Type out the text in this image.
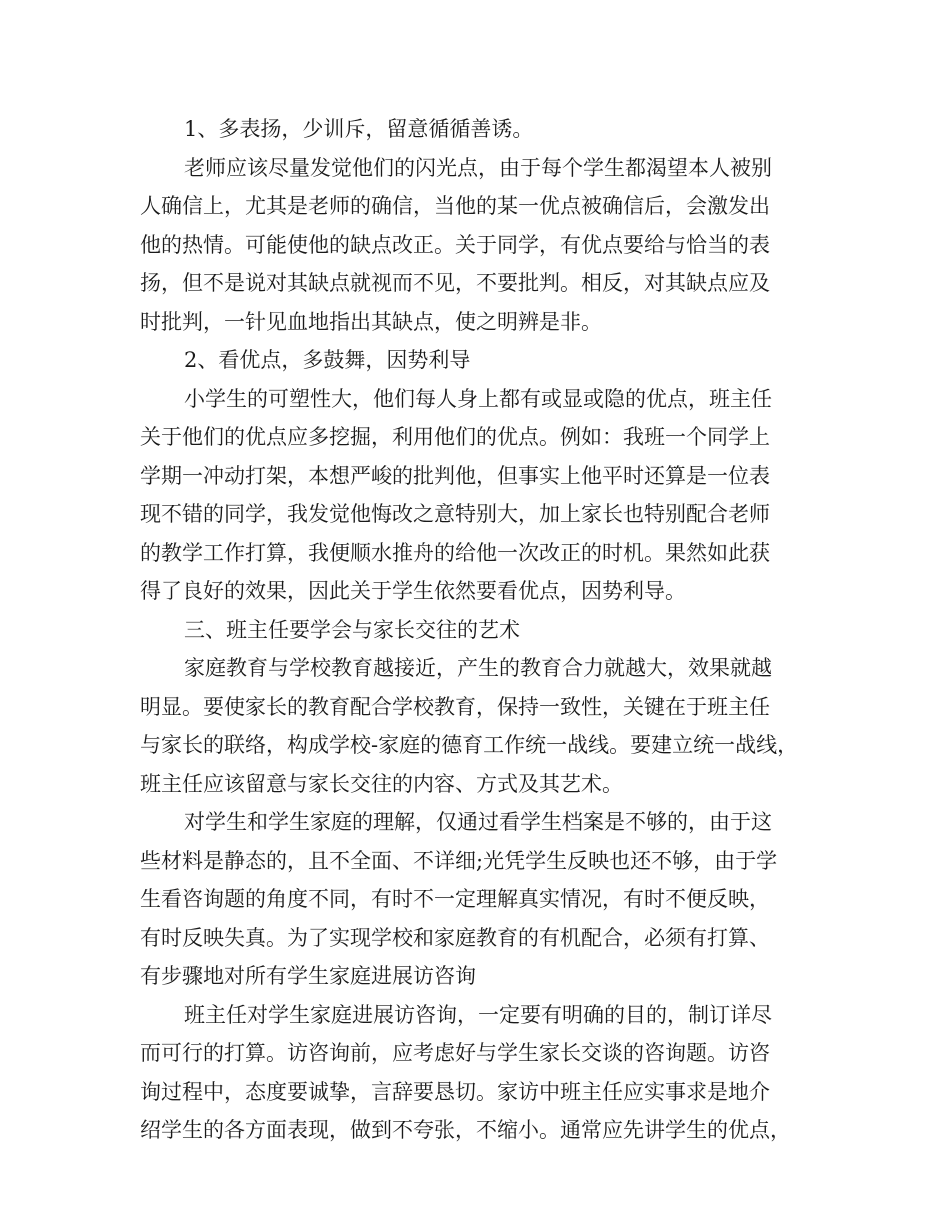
1、多表扬，少训斥，留意循循善诱。
老师应该尽量发觉他们的闪光点，由于每个学生都渴望本人被别
人确信上，尤其是老师的确信，当他的某一优点被确信后，会激发出
他的热情。可能使他的缺点改正。关于同学，有优点要给与恰当的表
扬，但不是说对其缺点就视而不见，不要批判。相反，对其缺点应及
时批判，一针见血地指出其缺点，使之明辨是非。
2、看优点，多鼓舞，因势利导
小学生的可塑性大，他们每人身上都有或显或隐的优点，班主任
关于他们的优点应多挖掘，利用他们的优点。例如：我班一个同学上
学期一冲动打架，本想严峻的批判他，但事实上他平时还算是一位表
现不错的同学，我发觉他悔改之意特别大，加上家长也特别配合老师
的教学工作打算，我便顺水推舟的给他一次改正的时机。果然如此获
得了良好的效果，因此关于学生依然要看优点，因势利导。
三、班主任要学会与家长交往的艺术
家庭教育与学校教育越接近，产生的教育合力就越大，效果就越
明显。要使家长的教育配合学校教育，保持一致性，关键在于班主任
与家长的联络，构成学校-家庭的德育工作统一战线。要建立统一战线，
班主任应该留意与家长交往的内容、方式及其艺术。
对学生和学生家庭的理解，仅通过看学生档案是不够的，由于这
些材料是静态的，且不全面、不详细;光凭学生反映也还不够，由于学
生看咨询题的角度不同，有时不一定理解真实情况，有时不便反映，
有时反映失真。为了实现学校和家庭教育的有机配合，必须有打算、
有步骤地对所有学生家庭进展访咨询
班主任对学生家庭进展访咨询，一定要有明确的目的，制订详尽
而可行的打算。访咨询前，应考虑好与学生家长交谈的咨询题。访咨
询过程中，态度要诚挚，言辞要恳切。家访中班主任应实事求是地介
绍学生的各方面表现，做到不夸张，不缩小。通常应先讲学生的优点，
